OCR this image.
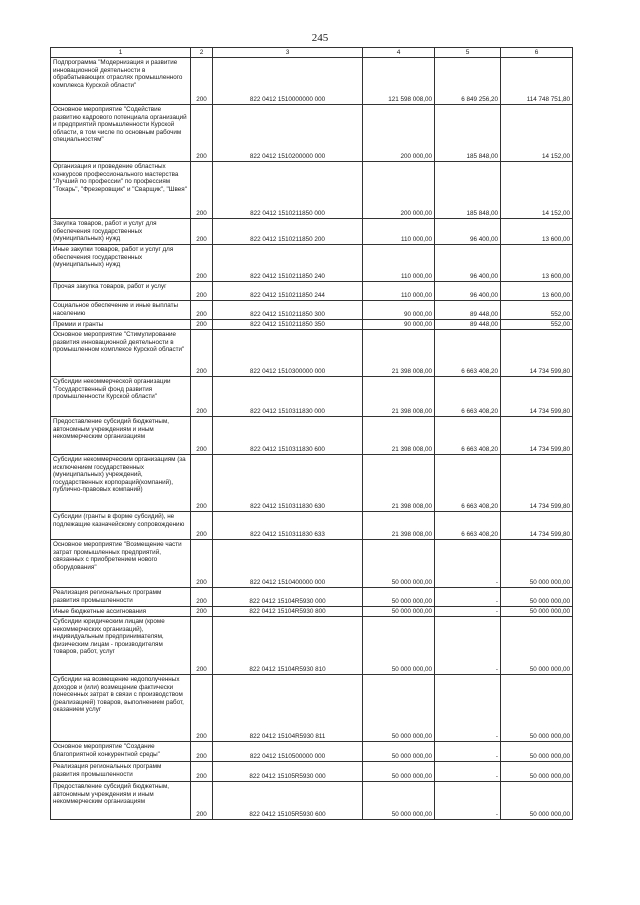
245
1	2	3	4	5	6
Подпрограмма "Модернизация и развитие инновационной деятельности в обрабатывающих отраслях промышленного комплекса Курской области"	200	822 0412 1510000000 000	121 598 008,00	6 849 256,20	114 748 751,80
Основное мероприятие "Содействие развитию кадрового потенциала организаций и предприятий промышленности Курской области, в том числе по основным рабочим специальностям"	200	822 0412 1510200000 000	200 000,00	185 848,00	14 152,00
Организация и проведение областных конкурсов профессионального мастерства "Лучший по профессии" по профессиям "Токарь", "Фрезеровщик" и "Сварщик", "Швея"	200	822 0412 1510211850 000	200 000,00	185 848,00	14 152,00
Закупка товаров, работ и услуг для обеспечения государственных (муниципальных) нужд	200	822 0412 1510211850 200	110 000,00	96 400,00	13 600,00
Иные закупки товаров, работ и услуг для обеспечения государственных (муниципальных) нужд	200	822 0412 1510211850 240	110 000,00	96 400,00	13 600,00
Прочая закупка товаров, работ и услуг	200	822 0412 1510211850 244	110 000,00	96 400,00	13 600,00
Социальное обеспечение и иные выплаты населению	200	822 0412 1510211850 300	90 000,00	89 448,00	552,00
Премии и гранты	200	822 0412 1510211850 350	90 000,00	89 448,00	552,00
Основное мероприятие "Стимулирование развития инновационной деятельности в промышленном комплексе Курской области"	200	822 0412 1510300000 000	21 398 008,00	6 663 408,20	14 734 599,80
Субсидии некоммерческой организации "Государственный фонд развития промышленности Курской области"	200	822 0412 1510311830 000	21 398 008,00	6 663 408,20	14 734 599,80
Предоставление субсидий бюджетным, автономным учреждениям и иным некоммерческим организациям	200	822 0412 1510311830 600	21 398 008,00	6 663 408,20	14 734 599,80
Субсидии некоммерческим организациям (за исключением государственных (муниципальных) учреждений, государственных корпораций(компаний), публично-правовых компаний)	200	822 0412 1510311830 630	21 398 008,00	6 663 408,20	14 734 599,80
Субсидии (гранты в форме субсидий), не подлежащие казначейскому сопровождению	200	822 0412 1510311830 633	21 398 008,00	6 663 408,20	14 734 599,80
Основное мероприятие "Возмещение части затрат промышленных предприятий, связанных с приобретением нового оборудования"	200	822 0412 1510400000 000	50 000 000,00	-	50 000 000,00
Реализация региональных программ развития промышленности	200	822 0412 15104R5930 000	50 000 000,00	-	50 000 000,00
Иные бюджетные ассигнования	200	822 0412 15104R5930 800	50 000 000,00	-	50 000 000,00
Субсидии юридическим лицам (кроме некоммерческих организаций), индивидуальным предпринимателям, физическим лицам - производителям товаров, работ, услуг	200	822 0412 15104R5930 810	50 000 000,00	-	50 000 000,00
Субсидии на возмещение недополученных доходов и (или) возмещение фактически понесенных затрат в связи с производством (реализацией) товаров, выполнением работ, оказанием услуг	200	822 0412 15104R5930 811	50 000 000,00	-	50 000 000,00
Основное мероприятие "Создание благоприятной конкурентной среды"	200	822 0412 1510500000 000	50 000 000,00	-	50 000 000,00
Реализация региональных программ развития промышленности	200	822 0412 15105R5930 000	50 000 000,00	-	50 000 000,00
Предоставление субсидий бюджетным, автономным учреждениям и иным некоммерческим организациям	200	822 0412 15105R5930 600	50 000 000,00	-	50 000 000,00
